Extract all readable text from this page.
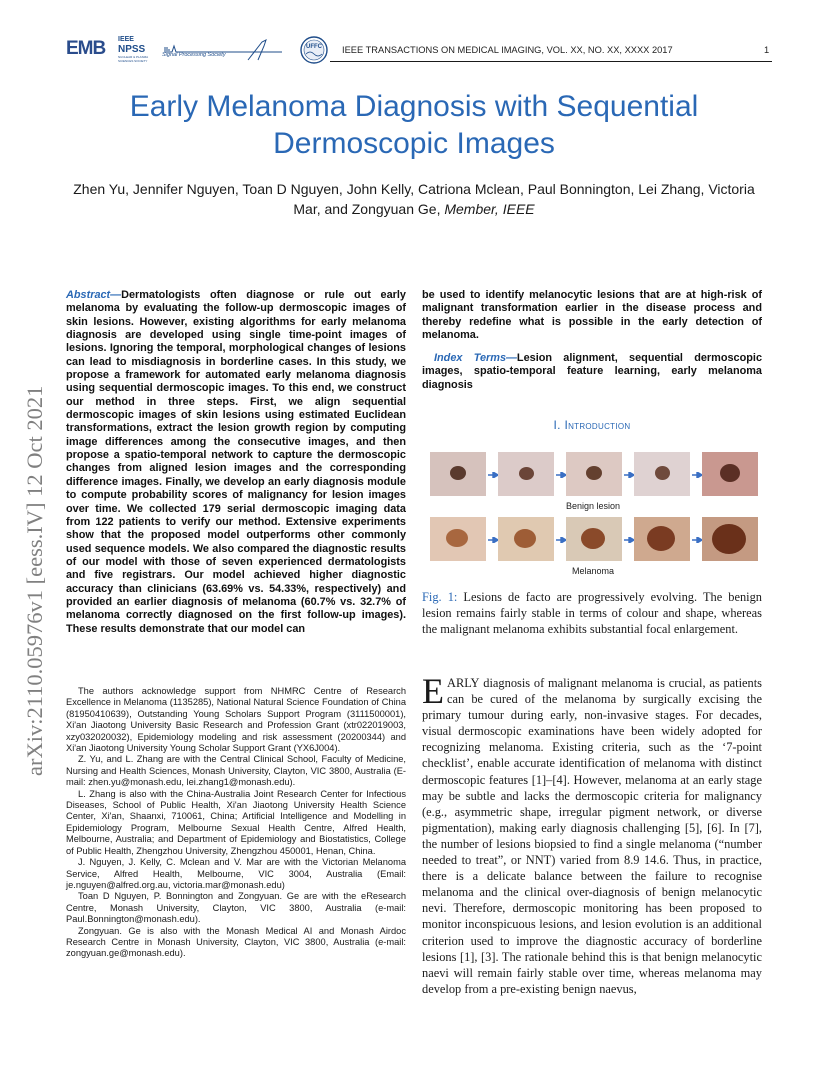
EMB IEEE
NPSS
NUCLEAR & PLASMA SCIENCES SOCIETY
Signal Processing Society
UFFC IEEE TRANSACTIONS ON MEDICAL IMAGING, VOL. XX, NO. XX, XXXX 2017	1
Early Melanoma Diagnosis with Sequential Dermoscopic Images
Zhen Yu, Jennifer Nguyen, Toan D Nguyen, John Kelly, Catriona Mclean, Paul Bonnington, Lei Zhang, Victoria Mar, and Zongyuan Ge, Member, IEEE
arXiv:2110.05976v1 [eess.IV] 12 Oct 2021
Abstract—Dermatologists often diagnose or rule out early melanoma by evaluating the follow-up dermoscopic images of skin lesions. However, existing algorithms for early melanoma diagnosis are developed using single time-point images of lesions. Ignoring the temporal, morphological changes of lesions can lead to misdiagnosis in borderline cases. In this study, we propose a framework for automated early melanoma diagnosis using sequential dermoscopic images. To this end, we construct our method in three steps. First, we align sequential dermoscopic images of skin lesions using estimated Euclidean transformations, extract the lesion growth region by computing image differences among the consecutive images, and then propose a spatio-temporal network to capture the dermoscopic changes from aligned lesion images and the corresponding difference images. Finally, we develop an early diagnosis module to compute probability scores of malignancy for lesion images over time. We collected 179 serial dermoscopic imaging data from 122 patients to verify our method. Extensive experiments show that the proposed model outperforms other commonly used sequence models. We also compared the diagnostic results of our model with those of seven experienced dermatologists and five registrars. Our model achieved higher diagnostic accuracy than clinicians (63.69% vs. 54.33%, respectively) and provided an earlier diagnosis of melanoma (60.7% vs. 32.7% of melanoma correctly diagnosed on the first follow-up images). These results demonstrate that our model can

The authors acknowledge support from NHMRC Centre of Research Excellence in Melanoma (1135285), National Natural Science Foundation of China (81950410639), Outstanding Young Scholars Support Program (3111500001), Xi'an Jiaotong University Basic Research and Profession Grant (xtr022019003, xzy032020032), Epidemiology modeling and risk assessment (20200344) and Xi'an Jiaotong University Young Scholar Support Grant (YX6J004).

Z. Yu, and L. Zhang are with the Central Clinical School, Faculty of Medicine, Nursing and Health Sciences, Monash University, Clayton, VIC 3800, Australia (E-mail: zhen.yu@monash.edu, lei.zhang1@monash.edu).

L. Zhang is also with the China-Australia Joint Research Center for Infectious Diseases, School of Public Health, Xi'an Jiaotong University Health Science Center, Xi'an, Shaanxi, 710061, China; Artificial Intelligence and Modelling in Epidemiology Program, Melbourne Sexual Health Centre, Alfred Health, Melbourne, Australia; and Department of Epidemiology and Biostatistics, College of Public Health, Zhengzhou University, Zhengzhou 450001, Henan, China.

J. Nguyen, J. Kelly, C. Mclean and V. Mar are with the Victorian Melanoma Service, Alfred Health, Melbourne, VIC 3004, Australia (Email: je.nguyen@alfred.org.au, victoria.mar@monash.edu)

Toan D Nguyen, P. Bonnington and Zongyuan. Ge are with the eResearch Centre, Monash University, Clayton, VIC 3800, Australia (e-mail: Paul.Bonnington@monash.edu).

Zongyuan. Ge is also with the Monash Medical AI and Monash Airdoc Research Centre in Monash University, Clayton, VIC 3800, Australia (e-mail: zongyuan.ge@monash.edu).

be used to identify melanocytic lesions that are at high-risk of malignant transformation earlier in the disease process and thereby redefine what is possible in the early detection of melanoma.
Index Terms—Lesion alignment, sequential dermoscopic images, spatio-temporal feature learning, early melanoma diagnosis
I. Introduction
Benign lesion
Melanoma
Fig. 1: Lesions de facto are progressively evolving. The benign lesion remains fairly stable in terms of colour and shape, whereas the malignant melanoma exhibits substantial focal enlargement.
EARLY diagnosis of malignant melanoma is crucial, as patients can be cured of the melanoma by surgically excising the primary tumour during early, non-invasive stages. For decades, visual dermoscopic examinations have been widely adopted for recognizing melanoma. Existing criteria, such as the ‘7-point checklist’, enable accurate identification of melanoma with distinct dermoscopic features [1]–[4]. However, melanoma at an early stage may be subtle and lacks the dermoscopic criteria for malignancy (e.g., asymmetric shape, irregular pigment network, or diverse pigmentation), making early diagnosis challenging [5], [6]. In [7], the number of lesions biopsied to find a single melanoma (“number needed to treat”, or NNT) varied from 8.9 14.6. Thus, in practice, there is a delicate balance between the failure to recognise melanoma and the clinical over-diagnosis of benign melanocytic nevi. Therefore, dermoscopic monitoring has been proposed to monitor inconspicuous lesions, and lesion evolution is an additional criterion used to improve the diagnostic accuracy of borderline lesions [1], [3]. The rationale behind this is that benign melanocytic naevi will remain fairly stable over time, whereas melanoma may develop from a pre-existing benign naevus,
